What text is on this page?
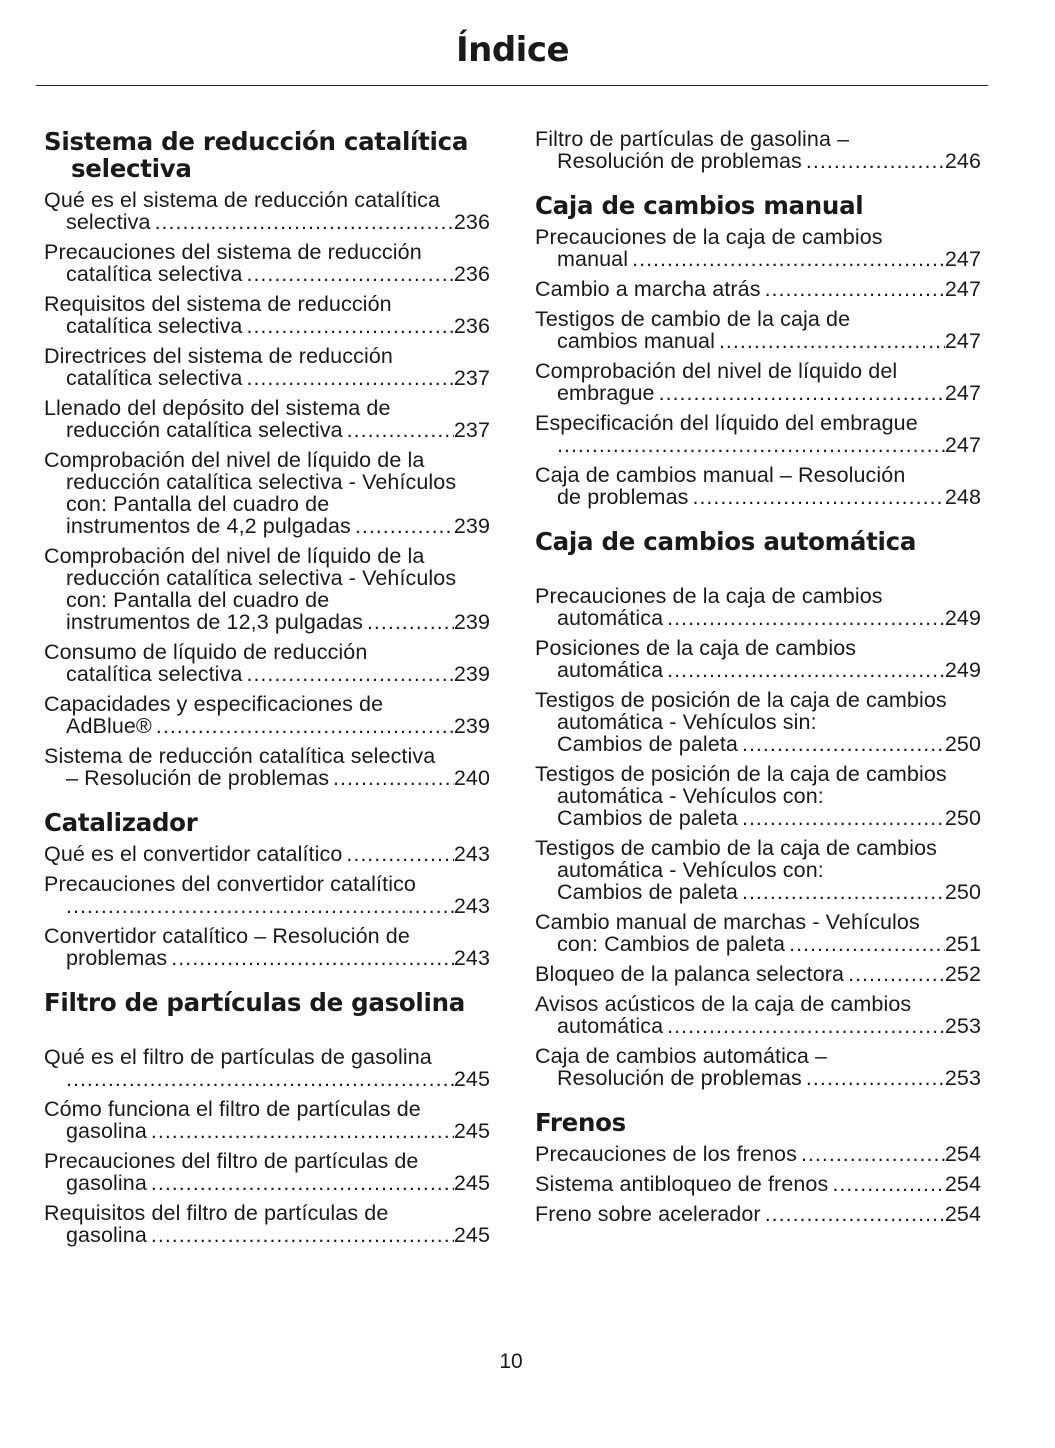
Índice
Sistema de reducción catalítica selectiva
Qué es el sistema de reducción catalítica
selectiva .....	236
Precauciones del sistema de reducción
catalítica selectiva .....	236
Requisitos del sistema de reducción
catalítica selectiva .....	236
Directrices del sistema de reducción
catalítica selectiva .....	237
Llenado del depósito del sistema de
reducción catalítica selectiva .....	237
Comprobación del nivel de líquido de la reducción catalítica selectiva - Vehículos con: Pantalla del cuadro de
instrumentos de 4,2 pulgadas .....	239
Comprobación del nivel de líquido de la reducción catalítica selectiva - Vehículos con: Pantalla del cuadro de
instrumentos de 12,3 pulgadas .....	239
Consumo de líquido de reducción
catalítica selectiva .....	239
Capacidades y especificaciones de
AdBlue® .....	239
Sistema de reducción catalítica selectiva
– Resolución de problemas .....	240
Catalizador
Qué es el convertidor catalítico .....	243
Precauciones del convertidor catalítico
.....
243
Convertidor catalítico – Resolución de
problemas .....	243
Filtro de partículas de gasolina
Qué es el filtro de partículas de gasolina
.....
245
Cómo funciona el filtro de partículas de
gasolina .....	245
Precauciones del filtro de partículas de
gasolina .....	245
Requisitos del filtro de partículas de
gasolina .....	245
Filtro de partículas de gasolina –
Resolución de problemas .....	246
Caja de cambios manual
Precauciones de la caja de cambios
manual .....	247
Cambio a marcha atrás .....	247
Testigos de cambio de la caja de
cambios manual .....	247
Comprobación del nivel de líquido del
embrague .....	247
Especificación del líquido del embrague
.....
247
Caja de cambios manual – Resolución
de problemas .....	248
Caja de cambios automática
Precauciones de la caja de cambios
automática .....	249
Posiciones de la caja de cambios
automática .....	249
Testigos de posición de la caja de cambios automática - Vehículos sin:
Cambios de paleta .....	250
Testigos de posición de la caja de cambios automática - Vehículos con:
Cambios de paleta .....	250
Testigos de cambio de la caja de cambios automática - Vehículos con:
Cambios de paleta .....	250
Cambio manual de marchas - Vehículos
con: Cambios de paleta .....	251
Bloqueo de la palanca selectora .....	252
Avisos acústicos de la caja de cambios
automática .....	253
Caja de cambios automática –
Resolución de problemas .....	253
Frenos
Precauciones de los frenos .....	254
Sistema antibloqueo de frenos .....	254
Freno sobre acelerador .....	254
10
